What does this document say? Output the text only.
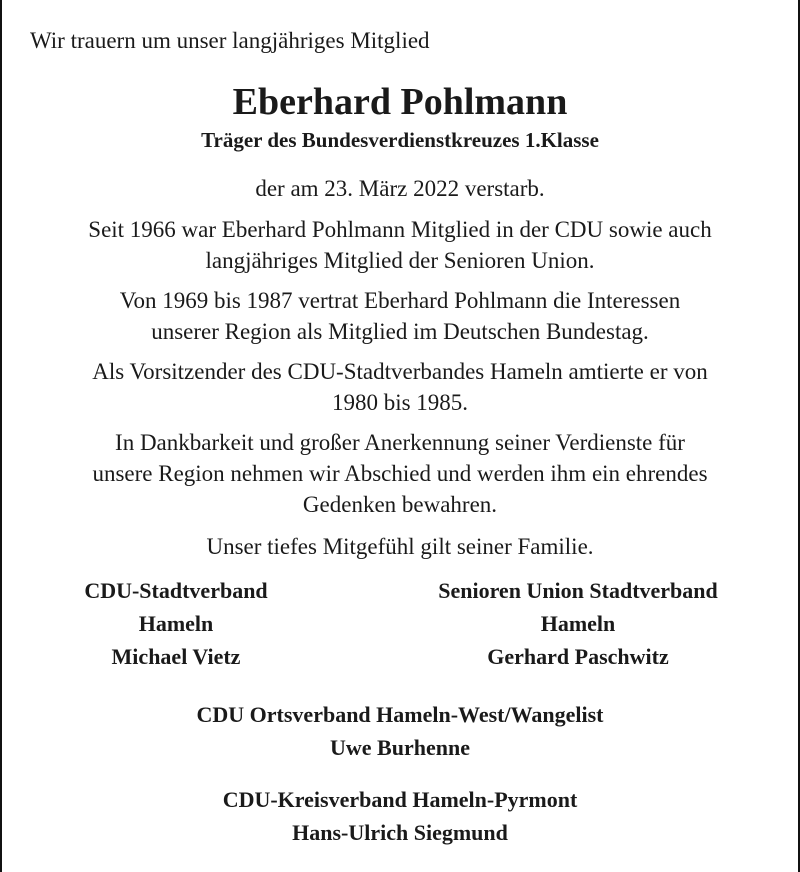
Wir trauern um unser langjähriges Mitglied
Eberhard Pohlmann
Träger des Bundesverdienstkreuzes 1.Klasse
der am 23. März 2022 verstarb.
Seit 1966 war Eberhard Pohlmann Mitglied in der CDU sowie auch
langjähriges Mitglied der Senioren Union.
Von 1969 bis 1987 vertrat Eberhard Pohlmann die Interessen
unserer Region als Mitglied im Deutschen Bundestag.
Als Vorsitzender des CDU-Stadtverbandes Hameln amtierte er von
1980 bis 1985.
In Dankbarkeit und großer Anerkennung seiner Verdienste für
unsere Region nehmen wir Abschied und werden ihm ein ehrendes
Gedenken bewahren.
Unser tiefes Mitgefühl gilt seiner Familie.
CDU-Stadtverband
Hameln
Michael Vietz
Senioren Union Stadtverband
Hameln
Gerhard Paschwitz
CDU Ortsverband Hameln-West/Wangelist
Uwe Burhenne
CDU-Kreisverband Hameln-Pyrmont
Hans-Ulrich Siegmund
